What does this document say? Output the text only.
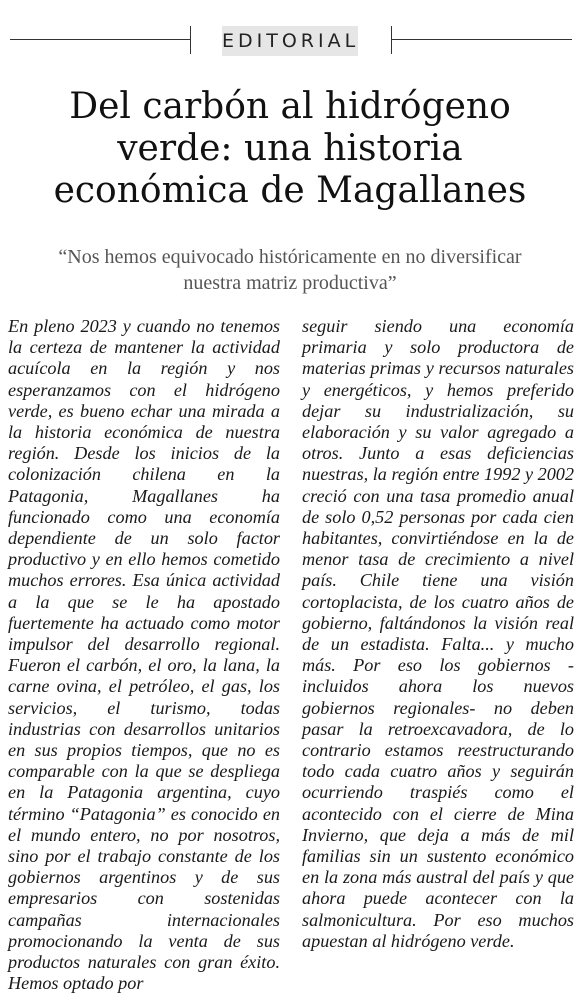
EDITORIAL
Del carbón al hidrógeno
verde: una historia
económica de Magallanes
“Nos hemos equivocado históricamente en no diversificar
nuestra matriz productiva”

En pleno 2023 y cuando no tenemos la certeza de mantener la actividad acuícola en la región y nos esperanzamos con el hidrógeno verde, es bueno echar una mirada a la historia económica de nuestra región. Desde los inicios de la colonización chilena en la Patagonia, Magallanes ha funcionado como una economía dependiente de un solo factor productivo y en ello hemos cometido muchos errores. Esa única actividad a la que se le ha apostado fuertemente ha actuado como motor impulsor del desarrollo regional. Fueron el carbón, el oro, la lana, la carne ovina, el petróleo, el gas, los servicios, el turismo, todas industrias con desarrollos unitarios en sus propios tiempos, que no es comparable con la que se despliega en la Patagonia argentina, cuyo término “Patagonia” es conocido en el mundo entero, no por nosotros, sino por el trabajo constante de los gobiernos argentinos y de sus empresarios con sostenidas campañas internacionales promocionando la venta de sus productos naturales con gran éxito. Hemos optado por

seguir siendo una economía primaria y solo productora de materias primas y recursos naturales y energéticos, y hemos preferido dejar su industrialización, su elaboración y su valor agregado a otros. Junto a esas deficiencias nuestras, la región entre 1992 y 2002 creció con una tasa promedio anual de solo 0,52 personas por cada cien habitantes, convirtiéndose en la de menor tasa de crecimiento a nivel país. Chile tiene una visión cortoplacista, de los cuatro años de gobierno, faltándonos la visión real de un estadista. Falta... y mucho más. Por eso los gobiernos -incluidos ahora los nuevos gobiernos regionales- no deben pasar la retroexcavadora, de lo contrario estamos reestructurando todo cada cuatro años y seguirán ocurriendo traspiés como el acontecido con el cierre de Mina Invierno, que deja a más de mil familias sin un sustento económico en la zona más austral del país y que ahora puede acontecer con la salmonicultura. Por eso muchos apuestan al hidrógeno verde.
